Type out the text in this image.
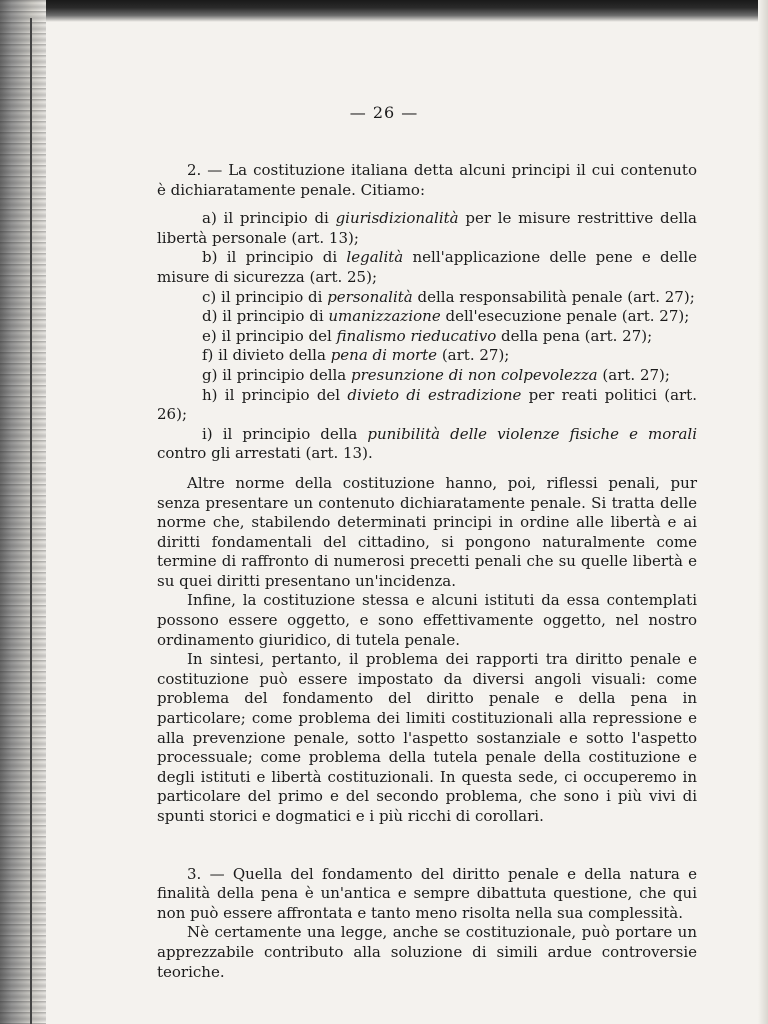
— 26 —

2. — La costituzione italiana detta alcuni principi il cui contenuto è dichiaratamente penale. Citiamo:

a) il principio di giurisdizionalità per le misure restrittive della libertà personale (art. 13);
b) il principio di legalità nell'applicazione delle pene e delle misure di sicurezza (art. 25);
c) il principio di personalità della responsabilità penale (art. 27);
d) il principio di umanizzazione dell'esecuzione penale (art. 27);
e) il principio del finalismo rieducativo della pena (art. 27);
f) il divieto della pena di morte (art. 27);
g) il principio della presunzione di non colpevolezza (art. 27);
h) il principio del divieto di estradizione per reati politici (art. 26);
i) il principio della punibilità delle violenze fisiche e morali contro gli arrestati (art. 13).

Altre norme della costituzione hanno, poi, riflessi penali, pur senza presentare un contenuto dichiaratamente penale. Si tratta delle norme che, stabilendo determinati principi in ordine alle libertà e ai diritti fondamentali del cittadino, si pongono naturalmente come termine di raffronto di numerosi precetti penali che su quelle libertà e su quei diritti presentano un'incidenza.

Infine, la costituzione stessa e alcuni istituti da essa contemplati possono essere oggetto, e sono effettivamente oggetto, nel nostro ordinamento giuridico, di tutela penale.

In sintesi, pertanto, il problema dei rapporti tra diritto penale e costituzione può essere impostato da diversi angoli visuali: come problema del fondamento del diritto penale e della pena in particolare; come problema dei limiti costituzionali alla repressione e alla prevenzione penale, sotto l'aspetto sostanziale e sotto l'aspetto processuale; come problema della tutela penale della costituzione e degli istituti e libertà costituzionali. In questa sede, ci occuperemo in particolare del primo e del secondo problema, che sono i più vivi di spunti storici e dogmatici e i più ricchi di corollari.

3. — Quella del fondamento del diritto penale e della natura e finalità della pena è un'antica e sempre dibattuta questione, che qui non può essere affrontata e tanto meno risolta nella sua complessità.

Nè certamente una legge, anche se costituzionale, può portare un apprezzabile contributo alla soluzione di simili ardue controversie teoriche.
